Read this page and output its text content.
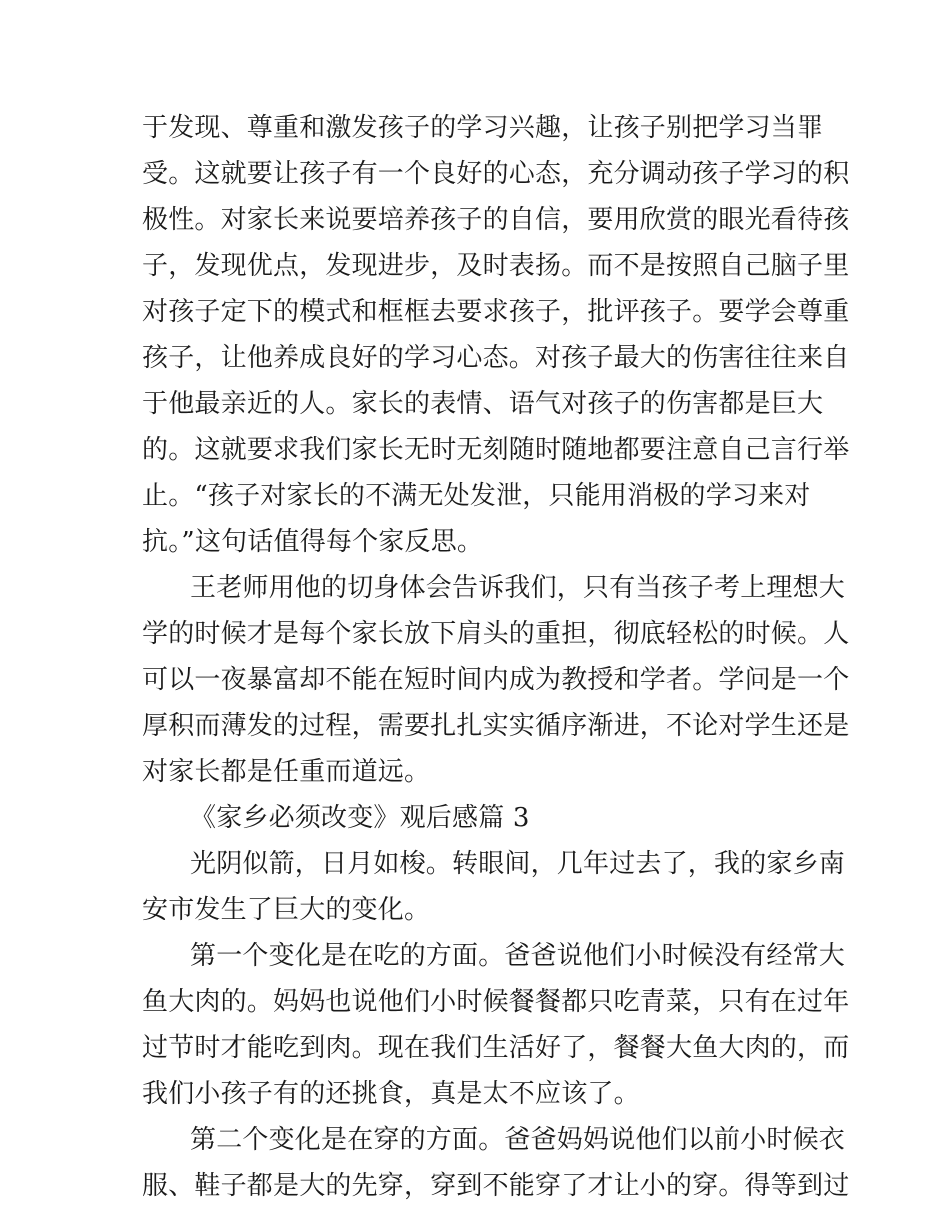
于发现、尊重和激发孩子的学习兴趣，让孩子别把学习当罪
受。这就要让孩子有一个良好的心态，充分调动孩子学习的积
极性。对家长来说要培养孩子的自信，要用欣赏的眼光看待孩
子，发现优点，发现进步，及时表扬。而不是按照自己脑子里
对孩子定下的模式和框框去要求孩子，批评孩子。要学会尊重
孩子，让他养成良好的学习心态。对孩子最大的伤害往往来自
于他最亲近的人。家长的表情、语气对孩子的伤害都是巨大
的。这就要求我们家长无时无刻随时随地都要注意自己言行举
止。“孩子对家长的不满无处发泄，只能用消极的学习来对
抗。”这句话值得每个家反思。
王老师用他的切身体会告诉我们，只有当孩子考上理想大
学的时候才是每个家长放下肩头的重担，彻底轻松的时候。人
可以一夜暴富却不能在短时间内成为教授和学者。学问是一个
厚积而薄发的过程，需要扎扎实实循序渐进，不论对学生还是
对家长都是任重而道远。
《家乡必须改变》观后感篇 3
光阴似箭，日月如梭。转眼间，几年过去了，我的家乡南
安市发生了巨大的变化。
第一个变化是在吃的方面。爸爸说他们小时候没有经常大
鱼大肉的。妈妈也说他们小时候餐餐都只吃青菜，只有在过年
过节时才能吃到肉。现在我们生活好了，餐餐大鱼大肉的，而
我们小孩子有的还挑食，真是太不应该了。
第二个变化是在穿的方面。爸爸妈妈说他们以前小时候衣
服、鞋子都是大的先穿，穿到不能穿了才让小的穿。得等到过
